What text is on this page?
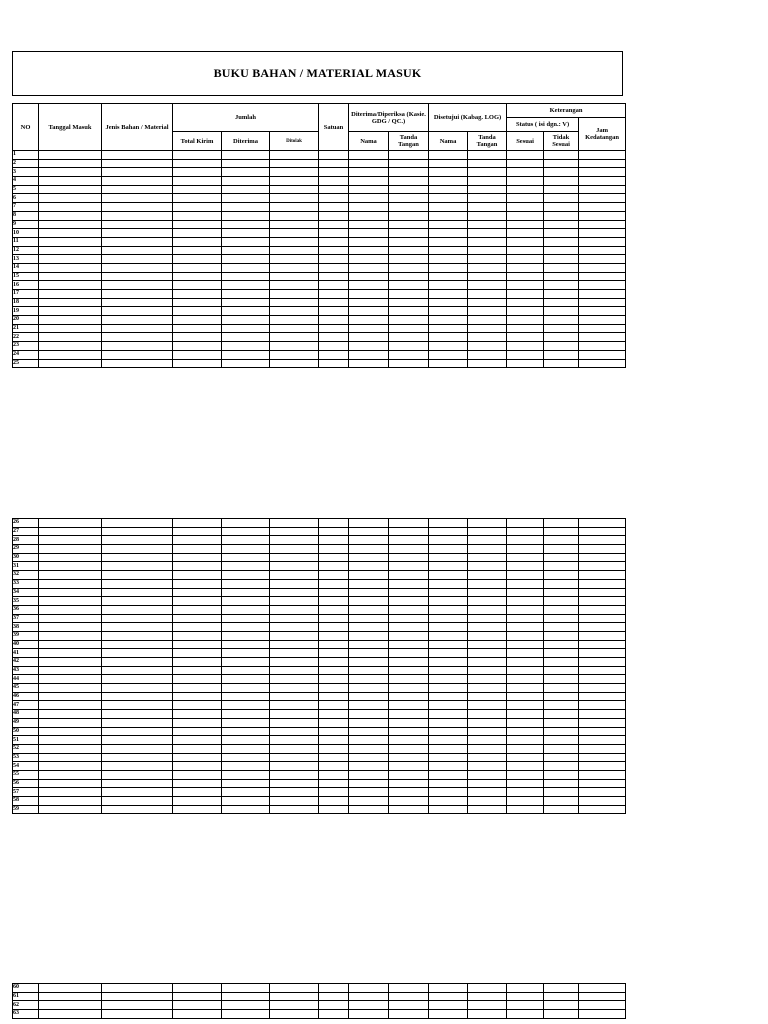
BUKU BAHAN / MATERIAL MASUK
NO	Tanggal Masuk	Jenis Bahan / Material	Jumlah			Satuan	Diterima/Diperiksa (Kasie. GDG / QC.)		Disetujui (Kabag. LOG)		Keterangan		
											Status ( isi dgn.: V)		Jam Kedatangan
			Total Kirim	Diterima	Ditolak		Nama	Tanda Tangan	Nama	Tanda Tangan	Sesuai	Tidak Sesuai	
1													
2													
3													
4													
5													
6													
7													
8													
9													
10													
11													
12													
13													
14													
15													
16													
17													
18													
19													
20													
21													
22													
23													
24													
25													
26													
27													
28													
29													
30													
31													
32													
33													
34													
35													
36													
37													
38													
39													
40													
41													
42													
43													
44													
45													
46													
47													
48													
49													
50													
51													
52													
53													
54													
55													
56													
57													
58													
59													
60													
61													
62													
63													
